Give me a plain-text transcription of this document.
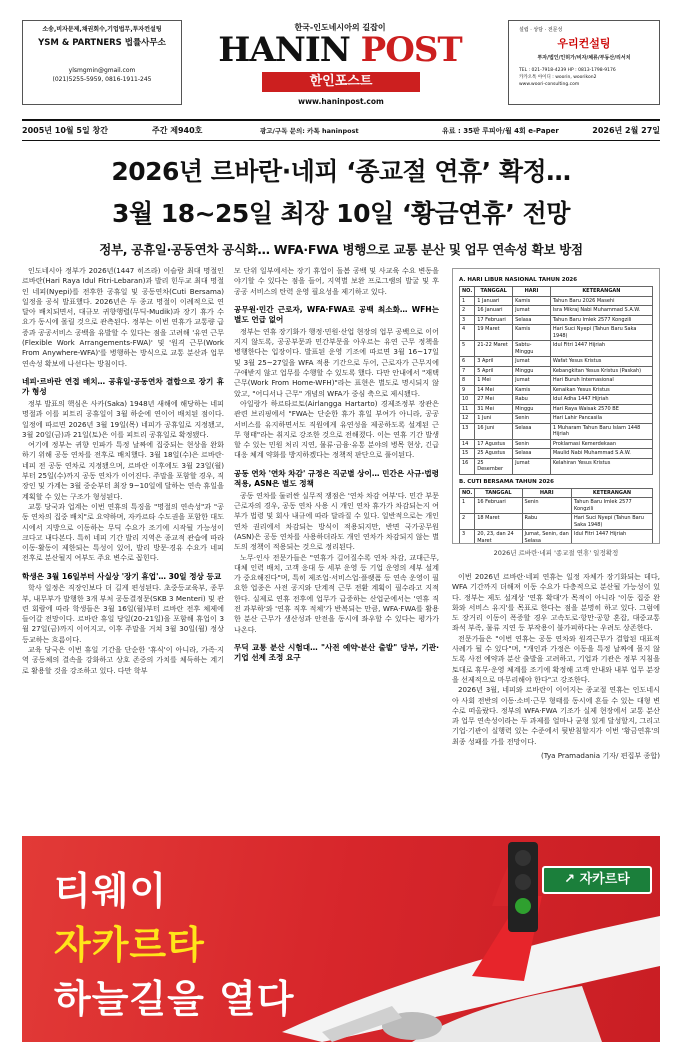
소송,비자문제,채권회수,기업법무,투자컨설팅
YSM & PARTNERS 법률사무소
ylsmgmin@gmail.com
(021)5255-5959, 0816-1911-245
한국-인도네시아의 길잡이
HANIN POST
한인포스트
www.haninpost.com
설립 · 상담 · 전문성
우리컨설팅
투자/법인/인허가/비자/체류/부동산/리서치
TEL : 021-7918-4239 HP : 0813-1798-9176
카카오톡 아이디 : woorin, woorikon2
www.woori-consulting.com
2005년 10월 5일 창간	주간 제940호	광고/구독 문의: 카톡 haninpost	유료 : 35판 루피아/월 4회 e-Paper	2026년 2월 27일
2026년 르바란·네피 ‘종교절 연휴’ 확정…
3월 18~25일 최장 10일 ‘황금연휴’ 전망
정부, 공휴일·공동연차 공식화… WFA·FWA 병행으로 교통 분산 및 업무 연속성 확보 방점

인도네시아 정부가 2026년(1447 히즈라) 이슬람 최대 명절인 르바란(Hari Raya Idul Fitri-Lebaran)과 발리 힌두교 최대 명절인 네피(Nyepi)를 전후한 공휴일 및 공동연차(Cuti Bersama) 일정을 공식 발표했다. 2026년은 두 종교 명절이 이례적으로 연달아 배치되면서, 대규모 귀향행렬(무딕-Mudik)과 장기 휴가 수요가 동시에 몰릴 것으로 관측된다. 정부는 이번 연휴가 교통량 급증과 공공서비스 공백을 유발할 수 있다는 점을 고려해 '유연 근무(Flexible Work Arrangements-FWA)' 및 '원격 근무(Work From Anywhere-WFA)'를 병행하는 방식으로 교통 분산과 업무 연속성 확보에 나선다는 방침이다.

네피·르바란 연접 배치… 공휴일·공동연차 결합으로 장기 휴가 형성

정부 발표의 핵심은 사카(Saka) 1948년 새해에 해당하는 네피 명절과 이를 피트리 공휴일이 3월 하순에 연이어 배치된 점이다. 일정에 따르면 2026년 3월 19일(목) 네피가 공휴일로 지정됐고, 3월 20일(금)과 21일(토)은 이를 피트리 공휴일로 확정됐다.

여기에 정부는 귀향 인파가 특정 날짜에 집중되는 현상을 완화하기 위해 공동 연차를 전후로 배치했다. 3월 18일(수)은 르바란·네피 전 공동 연차로 지정됐으며, 르바란 이후에도 3월 23일(월)부터 25일(수)까지 공동 연차가 이어진다. 주말을 포함할 경우, 직장인 및 가계는 3월 중순부터 최장 9~10일에 달하는 연속 휴일을 계획할 수 있는 구조가 형성된다.

교통 당국과 업계는 이번 연휴의 특징을 "명절의 연속성"과 "공동 연차의 집중 배치"로 요약하며, 자카르타 수도권을 포함한 대도시에서 지방으로 이동하는 무딕 수요가 조기에 시작될 가능성이 크다고 내다본다. 특히 네피 기간 발리 지역은 종교적 관습에 따라 이동·활동이 제한되는 특성이 있어, 발리 방문·경유 수요가 네피 전후로 분산될지 여부도 주요 변수로 꼽힌다.

학생은 3월 16일부터 사실상 '장기 휴업'… 30일 정상 등교

학사 일정은 직장인보다 더 길게 편성된다. 초중등교육부, 종무부, 내무부가 발행한 3개 부처 공동결정문(SKB 3 Menteri) 및 관련 회람에 따라 학생들은 3월 16일(월)부터 르바란 전후 체제에 들어갈 전망이다. 르바란 휴일 당일(20-21일)을 포함해 휴업이 3월 27일(금)까지 이어지고, 이후 주말을 거쳐 3월 30일(월) 정상 등교하는 흐름이다.

교육 당국은 이번 휴일 기간을 단순한 '휴식'이 아니라, 가족·지역 공동체의 결속을 강화하고 상호 존중의 가치를 체득하는 계기로 활용할 것을 강조하고 있다. 다만 학부

모 단위 일부에서는 장기 휴업이 돌봄 공백 및 사교육 수요 변동을 야기할 수 있다는 점을 들어, 지역별 보완 프로그램의 발굴 및 후 공공 서비스의 탄력 운영 필요성을 제기하고 있다.

공무원·민간 근로자, WFA·FWA로 공백 최소화… WFH는 별도 언급 없어

정부는 연휴 장기화가 행정·민원·산업 현장의 업무 공백으로 이어지지 않도록, 공공부문과 민간부문을 아우르는 유연 근무 정책을 병행한다는 입장이다. 발표된 운영 기조에 따르면 3월 16~17일 및 3월 25~27일을 WFA 적용 기간으로 두어, 근로자가 근무지에 구애받지 않고 업무를 수행할 수 있도록 했다. 다만 안내에서 "재택근무(Work From Home-WFH)"라는 표현은 별도로 명시되지 않았고, "어디서나 근무" 개념의 WFA가 중심 축으로 제시됐다.

아일랑가 하르타르토(Airlangga Hartarto) 경제조정부 장관은 관련 브리핑에서 "FWA는 단순한 휴가 휴일 부여가 아니라, 공공 서비스를 유지하면서도 직원에게 유연성을 제공하도록 설계된 근무 형태"라는 취지로 강조한 것으로 전해졌다. 이는 연휴 기간 발생할 수 있는 민원 처리 지연, 물류·금융·유통 분야의 병목 현상, 긴급 대응 체계 약화를 방지하겠다는 정책적 판단으로 풀이된다.

공동 연차 '연차 차감' 규정은 직군별 상이… 민간은 사규·법령 적용, ASN은 별도 정책

공동 연차를 둘러싼 실무적 쟁점은 '연차 차감 여부'다. 민간 부문 근로자의 경우, 공동 연차 사용 시 개인 연차 휴가가 차감되는지 여부가 법령 및 회사 내규에 따라 달라질 수 있다. 일반적으로는 개인 연차 권리에서 차감되는 방식이 적용되지만, 반면 국가공무원(ASN)은 공동 연차를 사용하더라도 개인 연차가 차감되지 않는 별도의 정책이 적용되는 것으로 정리된다.

노무·인사 전문가들은 "연휴가 길어질수록 연차 차감, 교대근무, 대체 인력 배치, 고객 응대 등 세부 운영 등 기업 운영의 세부 설계가 중요해진다"며, 특히 제조업·서비스업·플랫폼 등 연속 운영이 필요한 업종은 사전 공지와 단계적 근무 전환 계획이 필수라고 지적한다. 실제로 연휴 전후에 업무가 급증하는 산업군에서는 '연휴 직전 과부하'와 '연휴 직후 적체'가 반복되는 만큼, WFA·FWA를 활용한 분산 근무가 생산성과 안전을 동시에 좌우할 수 있다는 평가가 나온다.

무딕 교통 분산 시험대… "사전 예약·분산 출발" 당부, 기관·기업 선제 조정 요구
A. HARI LIBUR NASIONAL TAHUN 2026
NO.	TANGGAL	HARI	KETERANGAN
1	1 Januari	Kamis	Tahun Baru 2026 Masehi
2	16 Januari	Jumat	Isra Mikraj Nabi Muhammad S.A.W.
3	17 Februari	Selasa	Tahun Baru Imlek 2577 Kongzili
4	19 Maret	Kamis	Hari Suci Nyepi (Tahun Baru Saka 1948)
5	21-22 Maret	Sabtu-Minggu	Idul Fitri 1447 Hijriah
6	3 April	Jumat	Wafat Yesus Kristus
7	5 April	Minggu	Kebangkitan Yesus Kristus (Paskah)
8	1 Mei	Jumat	Hari Buruh Internasional
9	14 Mei	Kamis	Kenaikan Yesus Kristus
10	27 Mei	Rabu	Idul Adha 1447 Hijriah
11	31 Mei	Minggu	Hari Raya Waisak 2570 BE
12	1 Juni	Senin	Hari Lahir Pancasila
13	16 Juni	Selasa	1 Muharam Tahun Baru Islam 1448 Hijriah
14	17 Agustus	Senin	Proklamasi Kemerdekaan
15	25 Agustus	Selasa	Maulid Nabi Muhammad S.A.W.
16	25 Desember	Jumat	Kelahiran Yesus Kristus
B. CUTI BERSAMA TAHUN 2026
NO.	TANGGAL	HARI	KETERANGAN
1	16 Februari	Senin	Tahun Baru Imlek 2577 Kongzili
2	18 Maret	Rabu	Hari Suci Nyepi (Tahun Baru Saka 1948)
3	20, 23, dan 24 Maret	Jumat, Senin, dan Selasa	Idul Fitri 1447 Hijriah

2026년 르바란·네피 '종교절 연휴' 일정확정

이번 2026년 르바란·네피 연휴는 일정 자체가 장기화되는 데다, WFA 기간까지 더해져 이동 수요가 다층적으로 분산될 가능성이 있다. 정부는 제도 설계상 '연휴 확대'가 목적이 아니라 '이동 집중 완화와 서비스 유지'를 목표로 한다는 점을 분명히 하고 있다. 그럼에도 장거리 이동이 폭증할 경우 고속도로·항만·공항 혼잡, 대중교통 좌석 부족, 물류 지연 등 부작용이 불가피하다는 우려도 상존한다.

전문가들은 "이번 연휴는 공동 연차와 원격근무가 결합된 대표적 사례가 될 수 있다"며, "개인과 가정은 이동을 특정 날짜에 몰지 않도록 사전 예약과 분산 출발을 고려하고, 기업과 기관은 정부 지침을 토대로 휴무·운영 체계를 조기에 확정해 고객 안내와 내부 업무 분장을 선제적으로 마무리해야 한다"고 강조한다.

2026년 3월, 네피와 르바란이 이어지는 종교절 연휴는 인도네시아 사회 전반의 이동·소비·근무 형태를 동시에 흔들 수 있는 대형 변수로 떠올랐다. 정부의 WFA·FWA 기조가 실제 현장에서 교통 분산과 업무 연속성이라는 두 과제를 얼마나 균형 있게 달성할지, 그리고 기업·기관이 실행력 있는 수준에서 뒷받침할지가 이번 '황금연휴'의 최종 성패를 가를 전망이다.

(Tya Pramadania 기자/ 편집부 종합)

티웨이
자카르타
하늘길을 열다
↗ 자카르타
